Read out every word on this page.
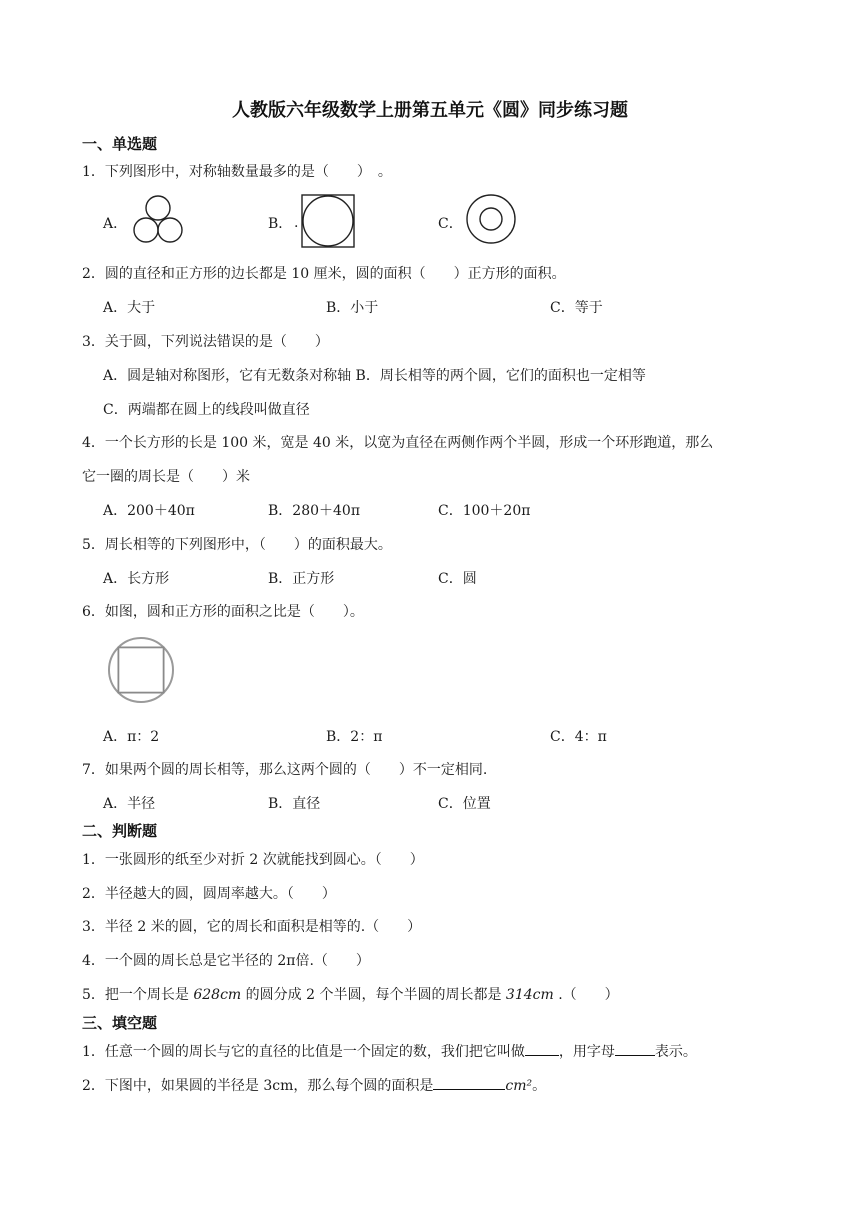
人教版六年级数学上册第五单元《圆》同步练习题
一、单选题
1．下列图形中，对称轴数量最多的是（　　）　。
A．	B． .	C．
2．圆的直径和正方形的边长都是 10 厘米，圆的面积（　　）正方形的面积。
A．大于	B．小于	C．等于
3．关于圆，下列说法错误的是（　　）
A．圆是轴对称图形，它有无数条对称轴 B．周长相等的两个圆，它们的面积也一定相等
C．两端都在圆上的线段叫做直径
4．一个长方形的长是 100 米，宽是 40 米，以宽为直径在两侧作两个半圆，形成一个环形跑道，那么
它一圈的周长是（　　）米
A．200＋40π	B．280＋40π	C．100＋20π
5．周长相等的下列图形中，（　　）的面积最大。
A．长方形	B．正方形	C．圆
6．如图，圆和正方形的面积之比是（　　）。
A．π：2	B．2：π	C．4：π
7．如果两个圆的周长相等，那么这两个圆的（　　）不一定相同.
A．半径	B．直径	C．位置
二、判断题
1．一张圆形的纸至少对折 2 次就能找到圆心。（　　）
2．半径越大的圆，圆周率越大。（　　）
3．半径 2 米的圆，它的周长和面积是相等的.（　　）
4．一个圆的周长总是它半径的 2π倍.（　　）
5．把一个周长是 628cm 的圆分成 2 个半圆，每个半圆的周长都是 314cm .（　　）
三、填空题
1．任意一个圆的周长与它的直径的比值是一个固定的数，我们把它叫做 ，用字母	表示。
2．下图中，如果圆的半径是 3cm，那么每个圆的面积是	cm²。
